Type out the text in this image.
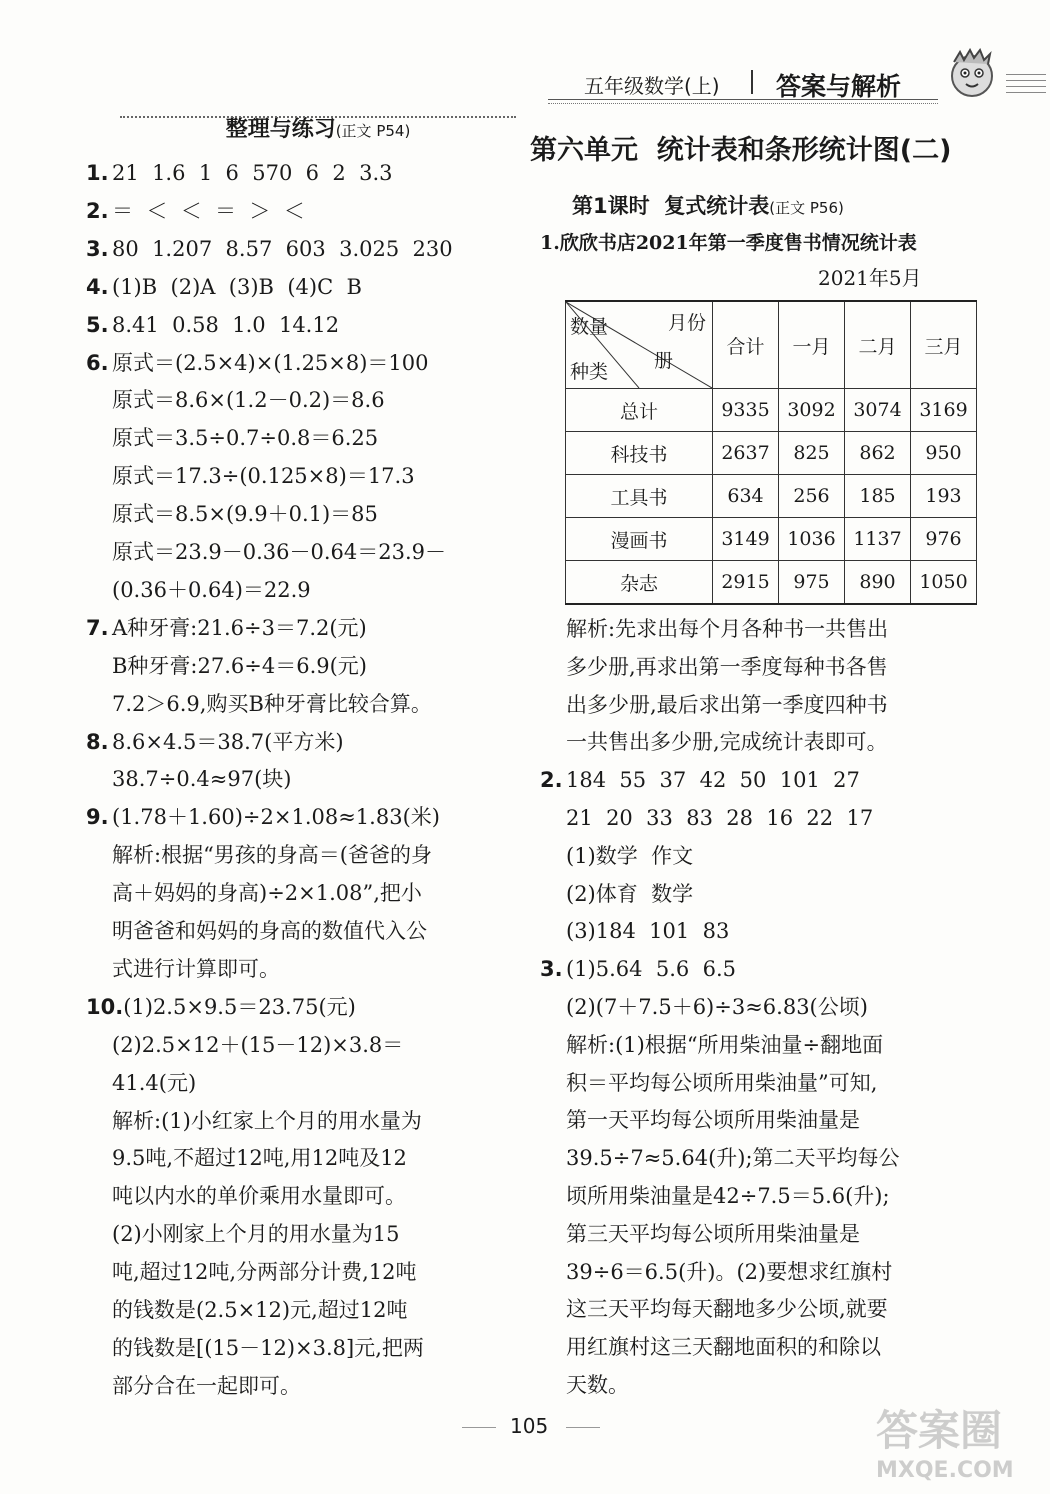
五年级数学(上) 答案与解析
整理与练习(正文 P54)
1. 21  1.6  1  6  570  6  2  3.3
2. ＝  ＜  ＜  ＝  ＞  ＜
3. 80  1.207  8.57  603  3.025  230
4. (1)B  (2)A  (3)B  (4)C  B
5. 8.41  0.58  1.0  14.12
6. 原式＝(2.5×4)×(1.25×8)＝100
原式＝8.6×(1.2－0.2)＝8.6
原式＝3.5÷0.7÷0.8＝6.25
原式＝17.3÷(0.125×8)＝17.3
原式＝8.5×(9.9＋0.1)＝85
原式＝23.9－0.36－0.64＝23.9－
(0.36＋0.64)＝22.9
7. A种牙膏:21.6÷3＝7.2(元)
B种牙膏:27.6÷4＝6.9(元)
7.2＞6.9,购买B种牙膏比较合算。
8. 8.6×4.5＝38.7(平方米)
38.7÷0.4≈97(块)
9. (1.78＋1.60)÷2×1.08≈1.83(米)
解析:根据“男孩的身高＝(爸爸的身
高＋妈妈的身高)÷2×1.08”,把小
明爸爸和妈妈的身高的数值代入公
式进行计算即可。
10.(1)2.5×9.5＝23.75(元)
(2)2.5×12＋(15－12)×3.8＝
41.4(元)
解析:(1)小红家上个月的用水量为
9.5吨,不超过12吨,用12吨及12
吨以内水的单价乘用水量即可。
(2)小刚家上个月的用水量为15
吨,超过12吨,分两部分计费,12吨
的钱数是(2.5×12)元,超过12吨
的钱数是[(15－12)×3.8]元,把两
部分合在一起即可。
第六单元  统计表和条形统计图(二)
第1课时  复式统计表(正文 P56)
1.欣欣书店2021年第一季度售书情况统计表
2021年5月
月份
数量
册
种类	合计	一月	二月	三月
总计	9335	3092	3074	3169
科技书	2637	825	862	950
工具书	634	256	185	193
漫画书	3149	1036	1137	976
杂志	2915	975	890	1050
解析:先求出每个月各种书一共售出
多少册,再求出第一季度每种书各售
出多少册,最后求出第一季度四种书
一共售出多少册,完成统计表即可。
2. 184  55  37  42  50  101  27
21  20  33  83  28  16  22  17
(1)数学  作文
(2)体育  数学
(3)184  101  83
3. (1)5.64  5.6  6.5
(2)(7＋7.5＋6)÷3≈6.83(公顷)
解析:(1)根据“所用柴油量÷翻地面
积＝平均每公顷所用柴油量”可知,
第一天平均每公顷所用柴油量是
39.5÷7≈5.64(升);第二天平均每公
顷所用柴油量是42÷7.5＝5.6(升);
第三天平均每公顷所用柴油量是
39÷6＝6.5(升)。(2)要想求红旗村
这三天平均每天翻地多少公顷,就要
用红旗村这三天翻地面积的和除以
天数。
105	答案圈
MXQE.COM
